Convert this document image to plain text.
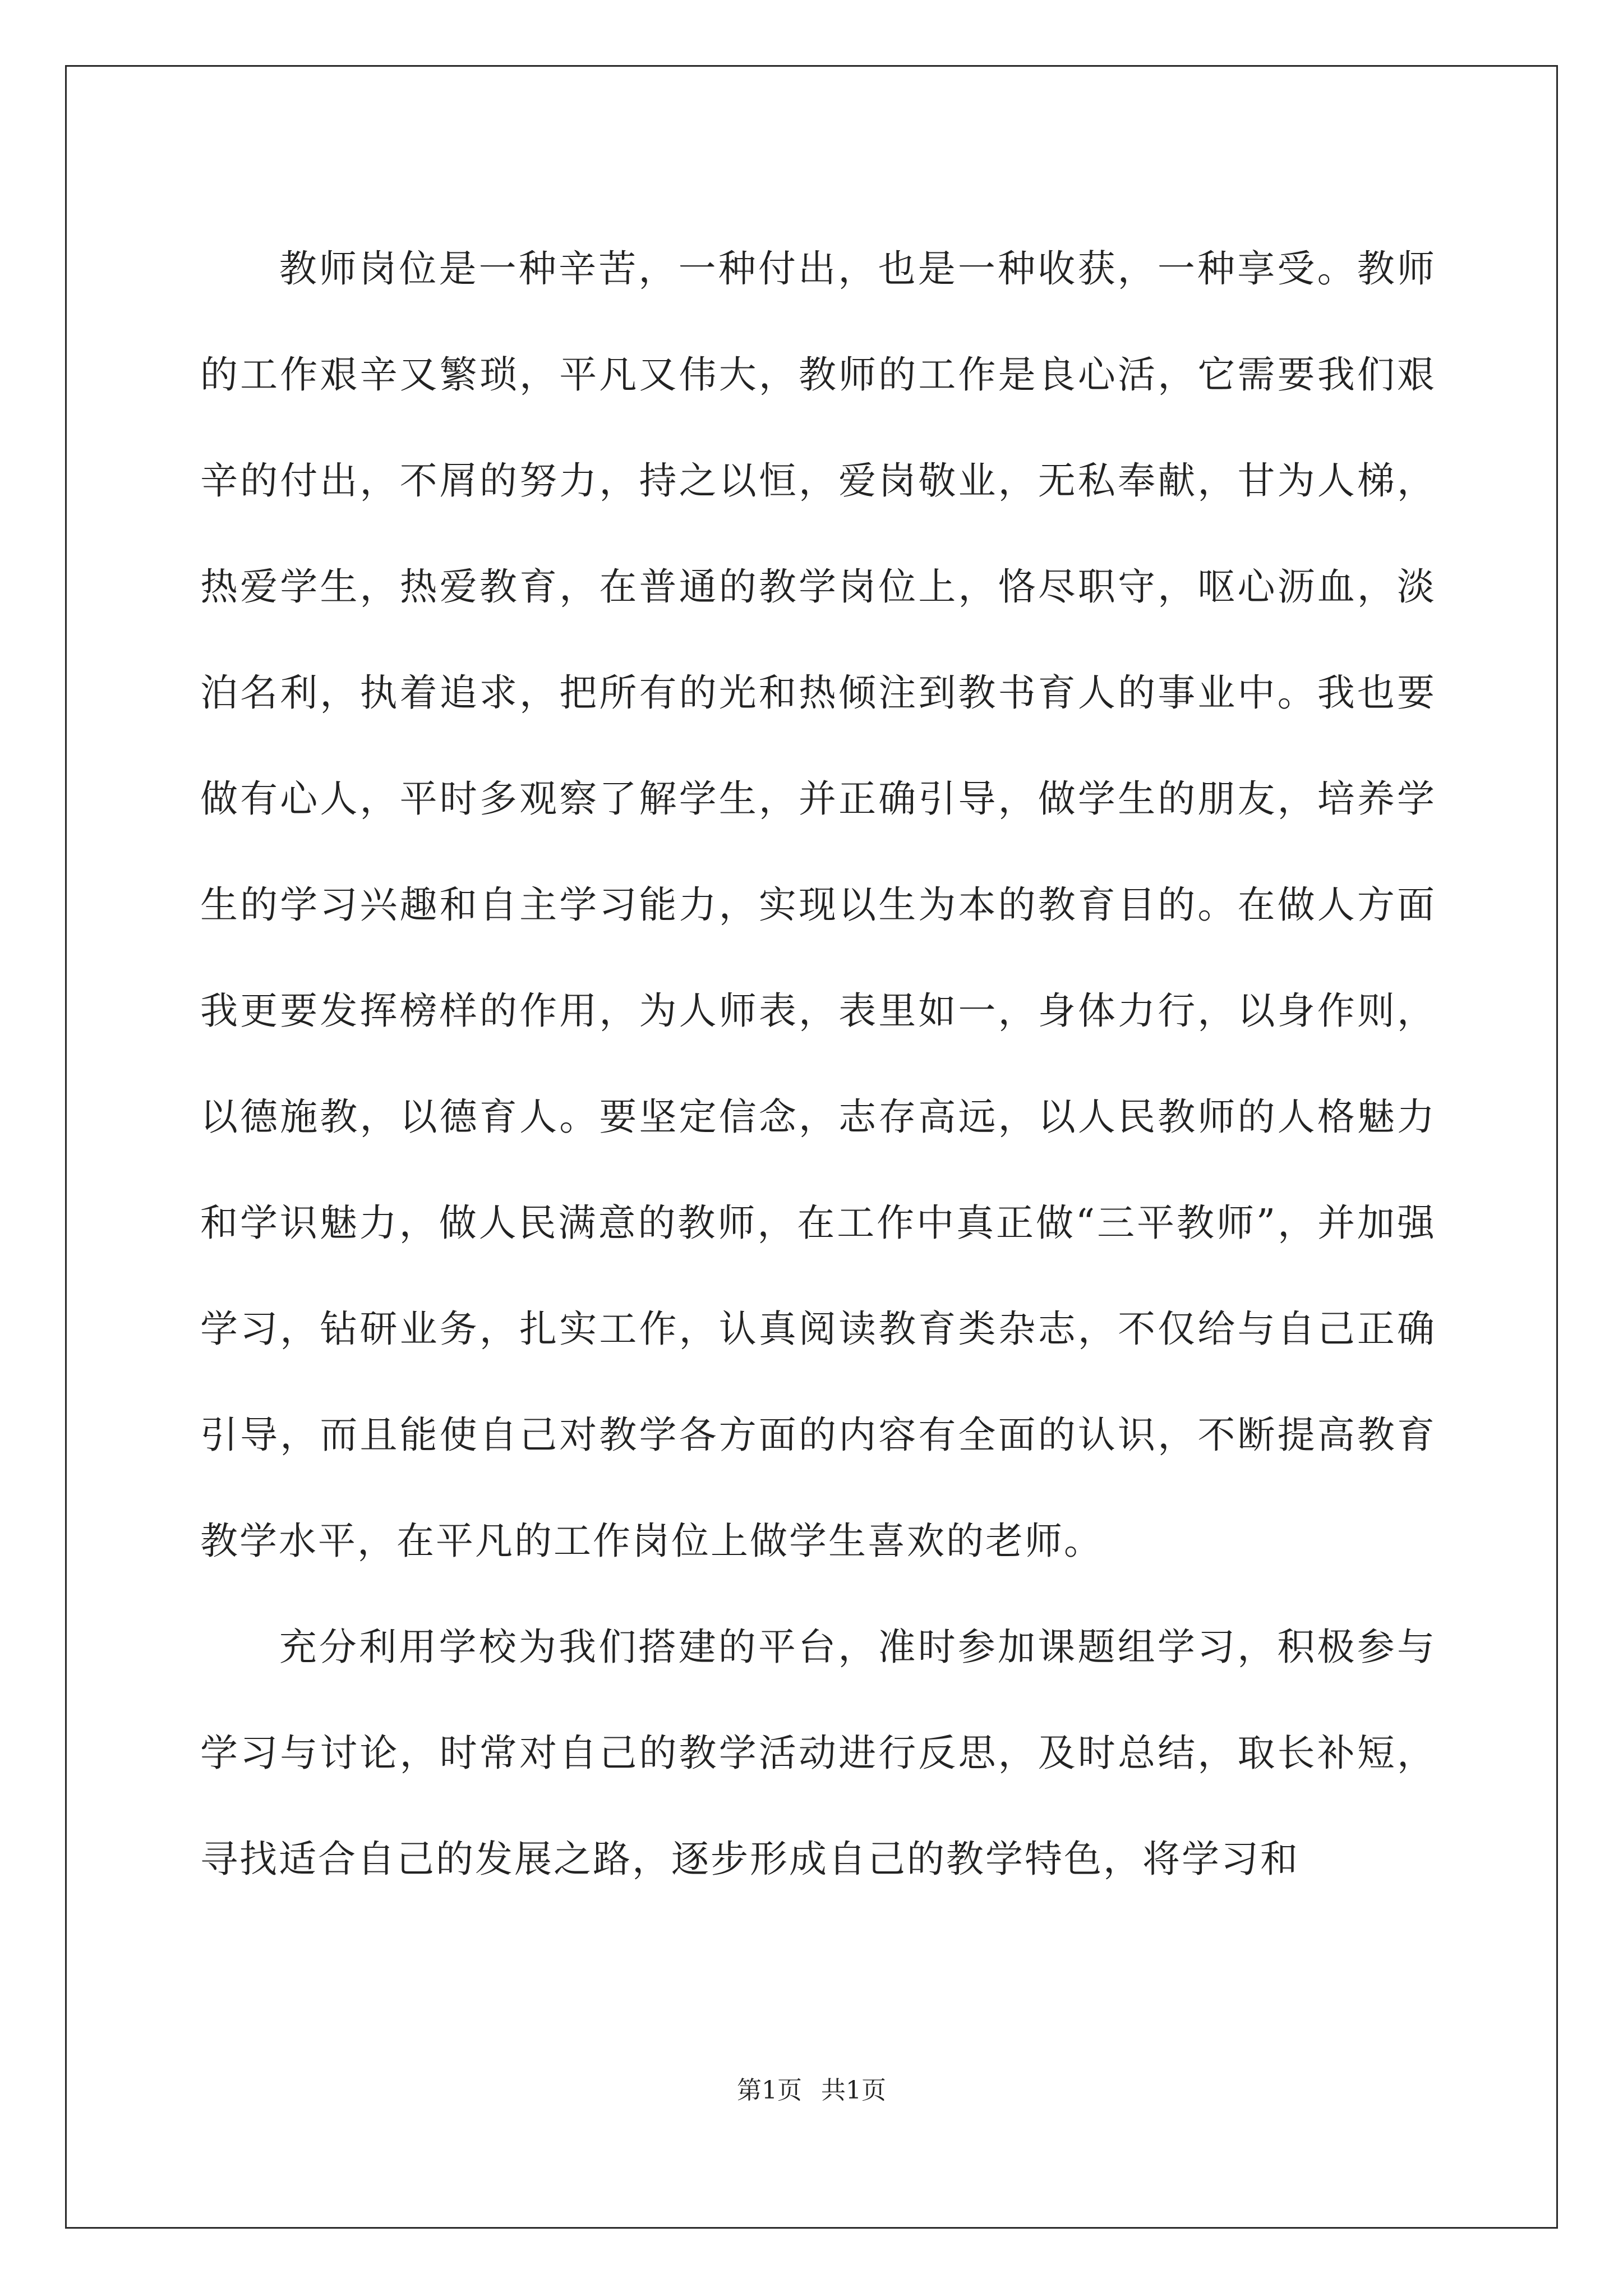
教师岗位是一种辛苦，一种付出，也是一种收获，一种享受。教师的工作艰辛又繁琐，平凡又伟大，教师的工作是良心活，它需要我们艰辛的付出，不屑的努力，持之以恒，爱岗敬业，无私奉献，甘为人梯，热爱学生，热爱教育，在普通的教学岗位上，恪尽职守，呕心沥血，淡泊名利，执着追求，把所有的光和热倾注到教书育人的事业中。我也要做有心人，平时多观察了解学生，并正确引导，做学生的朋友，培养学生的学习兴趣和自主学习能力，实现以生为本的教育目的。在做人方面我更要发挥榜样的作用，为人师表，表里如一，身体力行，以身作则，以德施教，以德育人。要坚定信念，志存高远，以人民教师的人格魅力和学识魅力，做人民满意的教师，在工作中真正做“三平教师”，并加强学习，钻研业务，扎实工作，认真阅读教育类杂志，不仅给与自己正确引导，而且能使自己对教学各方面的内容有全面的认识，不断提高教育教学水平，在平凡的工作岗位上做学生喜欢的老师。

充分利用学校为我们搭建的平台，准时参加课题组学习，积极参与学习与讨论，时常对自己的教学活动进行反思，及时总结，取长补短，寻找适合自己的发展之路，逐步形成自己的教学特色，将学习和

第1页 共1页
